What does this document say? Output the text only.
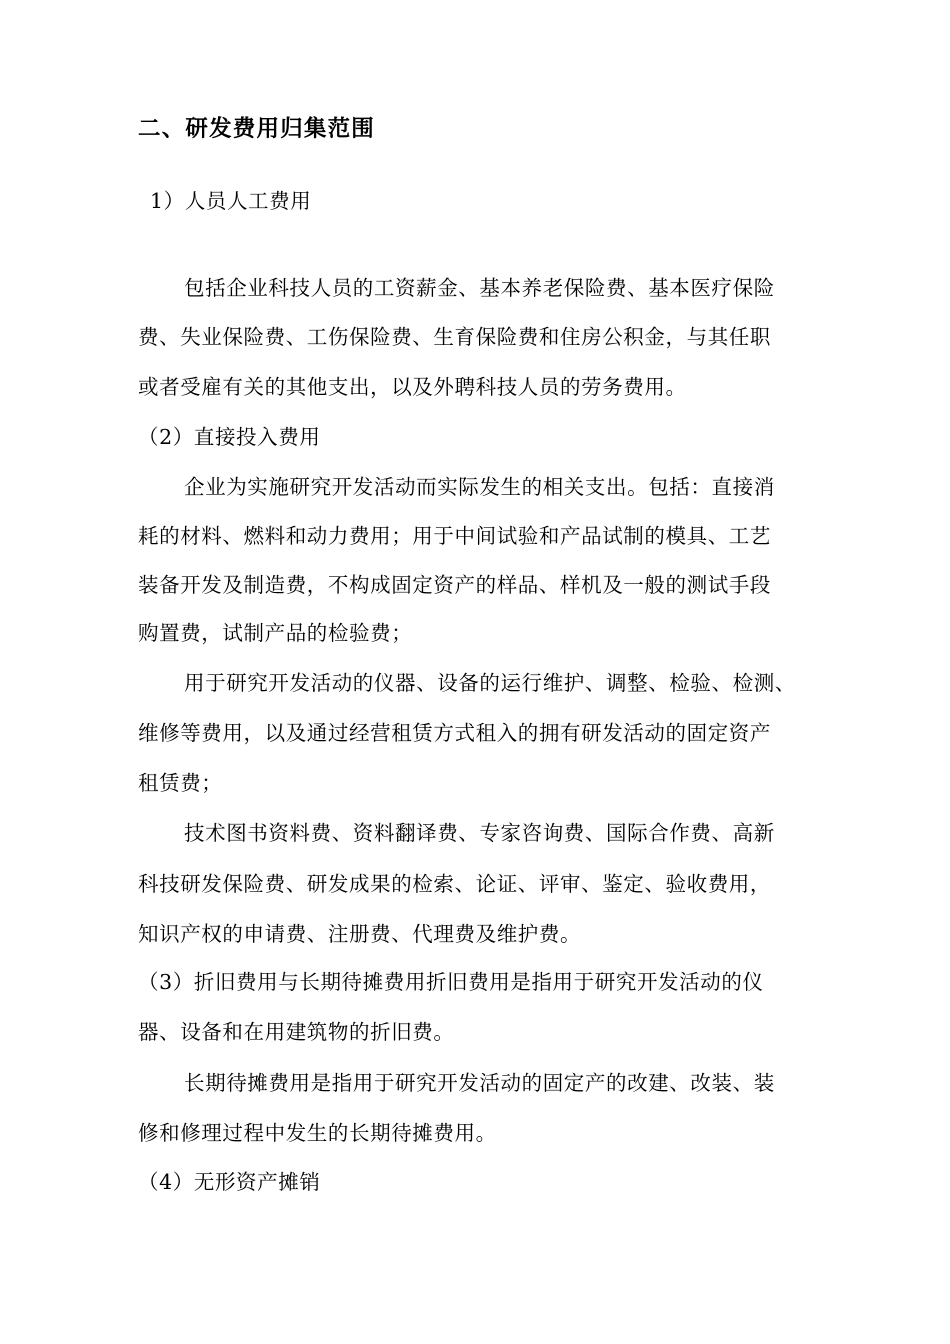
二、研发费用归集范围
1）人员人工费用
包括企业科技人员的工资薪金、基本养老保险费、基本医疗保险
费、失业保险费、工伤保险费、生育保险费和住房公积金，与其任职
或者受雇有关的其他支出，以及外聘科技人员的劳务费用。
（2）直接投入费用
企业为实施研究开发活动而实际发生的相关支出。包括：直接消
耗的材料、燃料和动力费用；用于中间试验和产品试制的模具、工艺
装备开发及制造费，不构成固定资产的样品、样机及一般的测试手段
购置费，试制产品的检验费；
用于研究开发活动的仪器、设备的运行维护、调整、检验、检测、
维修等费用，以及通过经营租赁方式租入的拥有研发活动的固定资产
租赁费；
技术图书资料费、资料翻译费、专家咨询费、国际合作费、高新
科技研发保险费、研发成果的检索、论证、评审、鉴定、验收费用，
知识产权的申请费、注册费、代理费及维护费。
（3）折旧费用与长期待摊费用折旧费用是指用于研究开发活动的仪
器、设备和在用建筑物的折旧费。
长期待摊费用是指用于研究开发活动的固定产的改建、改装、装
修和修理过程中发生的长期待摊费用。
（4）无形资产摊销
